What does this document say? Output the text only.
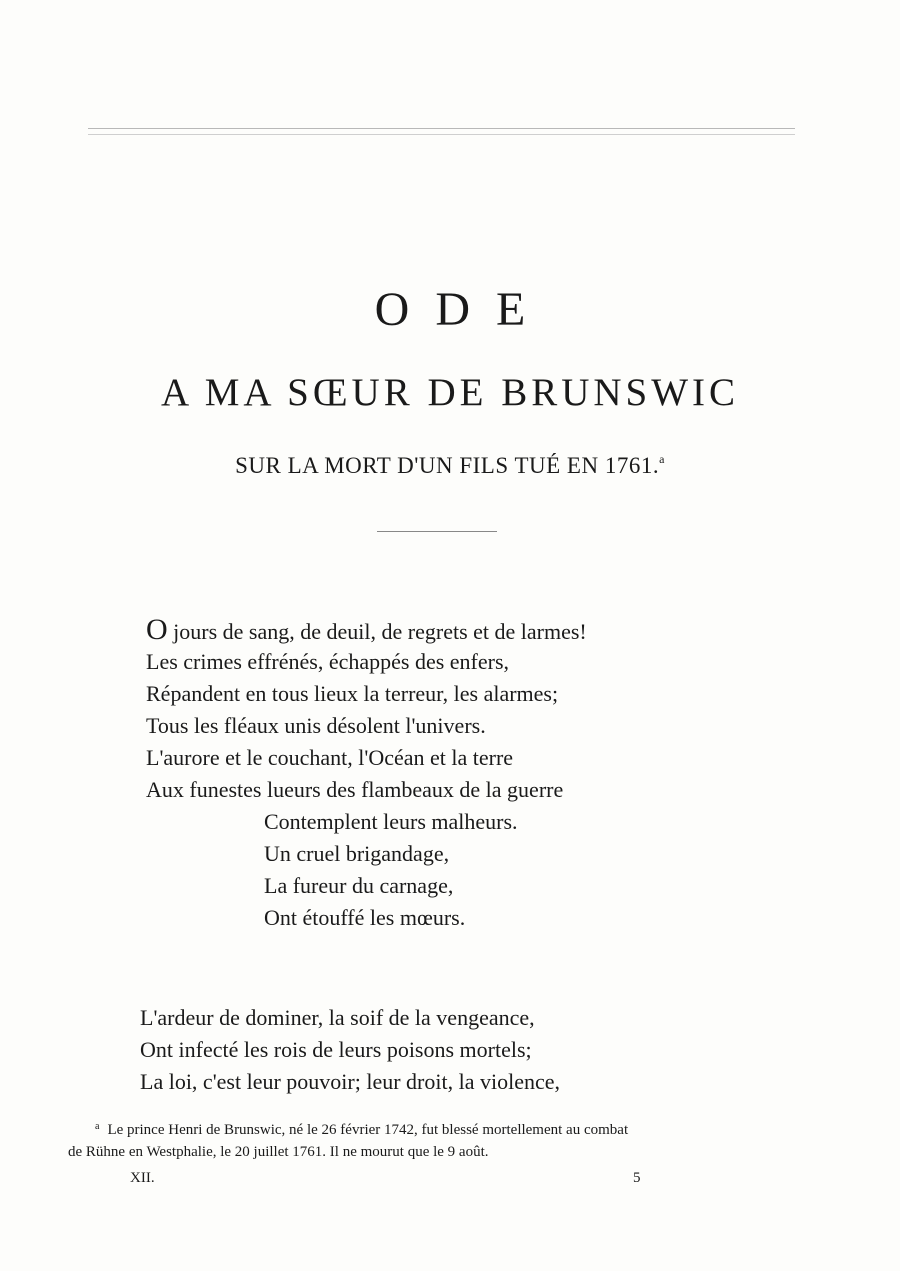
ODE
A MA SŒUR DE BRUNSWIC
SUR LA MORT D'UN FILS TUÉ EN 1761.$^a$
O jours de sang, de deuil, de regrets et de larmes!
Les crimes effrénés, échappés des enfers,
Répandent en tous lieux la terreur, les alarmes;
Tous les fléaux unis désolent l'univers.
L'aurore et le couchant, l'Océan et la terre
Aux funestes lueurs des flambeaux de la guerre
Contemplent leurs malheurs.
Un cruel brigandage,
La fureur du carnage,
Ont étouffé les mœurs.
L'ardeur de dominer, la soif de la vengeance,
Ont infecté les rois de leurs poisons mortels;
La loi, c'est leur pouvoir; leur droit, la violence,
$^a$ Le prince Henri de Brunswic, né le 26 février 1742, fut blessé mortellement au combat
de Rühne en Westphalie, le 20 juillet 1761. Il ne mourut que le 9 août.
XII.	5
